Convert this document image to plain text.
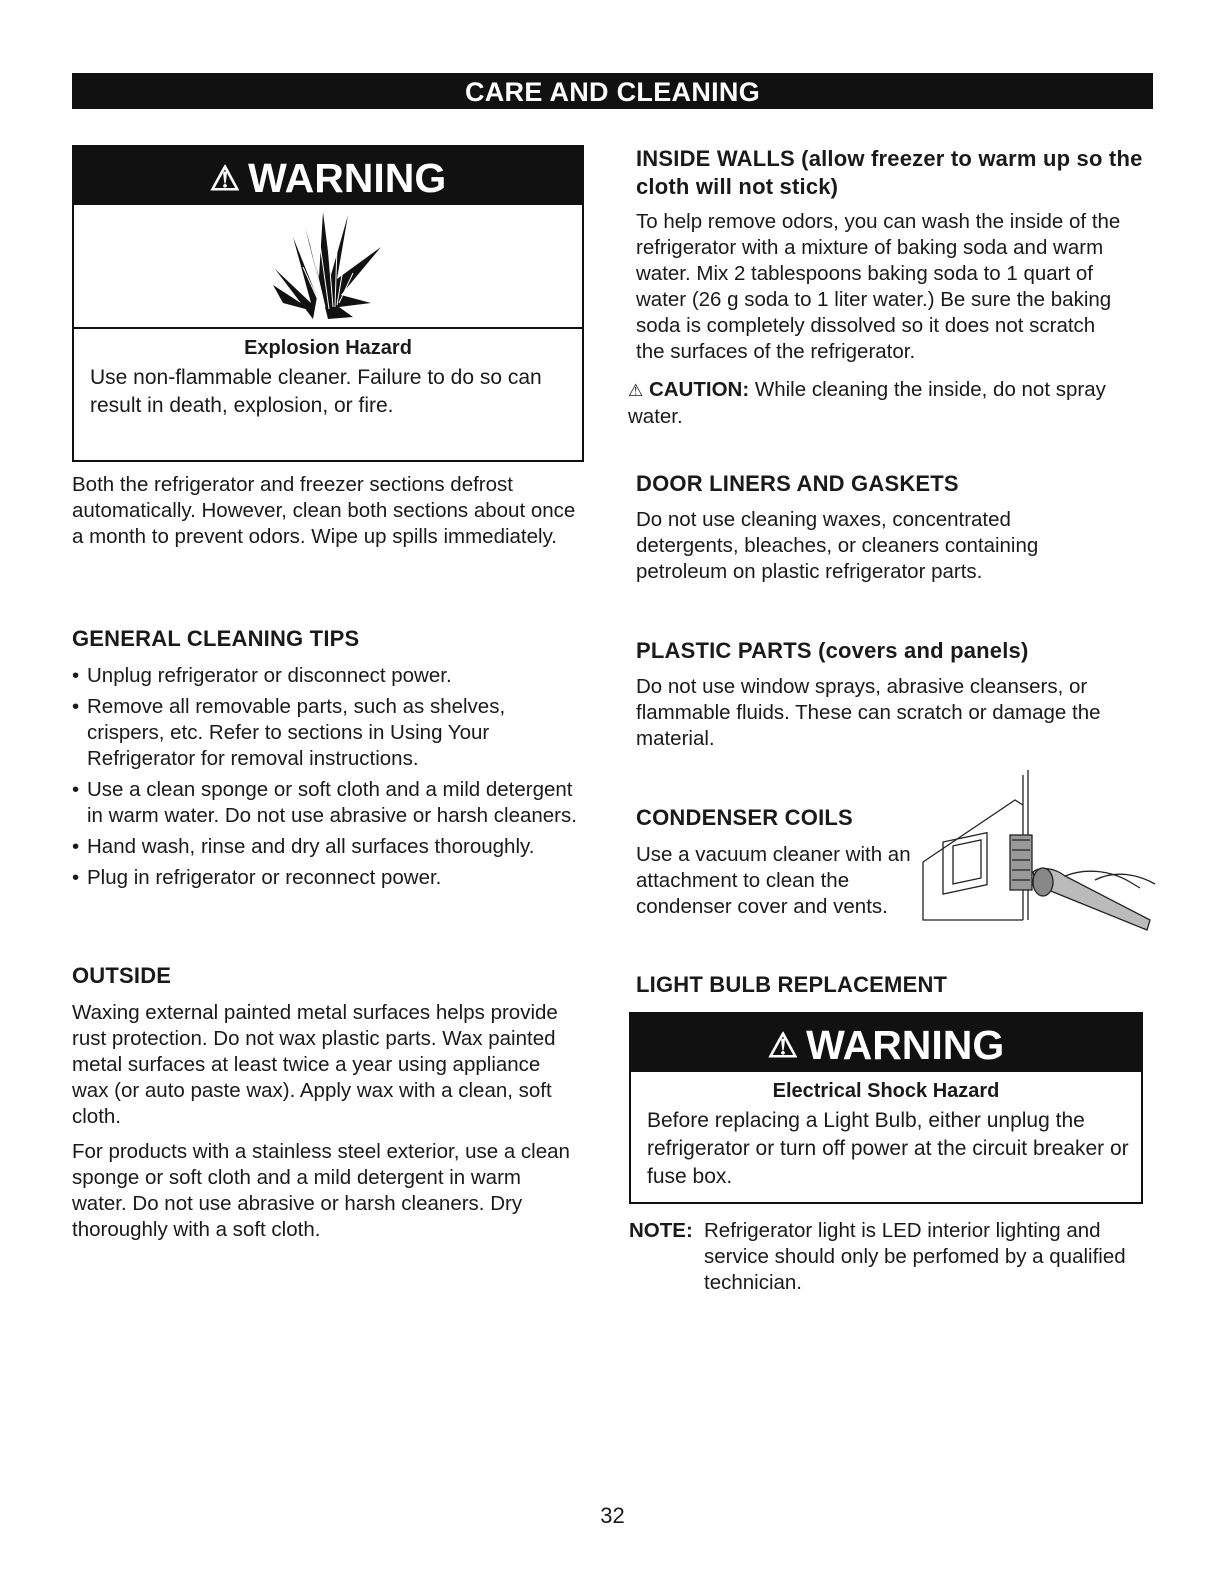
CARE AND CLEANING
⚠ WARNING
Explosion Hazard
Use non-flammable cleaner. Failure to do so can result in death, explosion, or fire.

Both the refrigerator and freezer sections defrost automatically. However, clean both sections about once a month to prevent odors. Wipe up spills immediately.

GENERAL CLEANING TIPS
• Unplug refrigerator or disconnect power.
• Remove all removable parts, such as shelves, crispers, etc. Refer to sections in Using Your Refrigerator for removal instructions.
• Use a clean sponge or soft cloth and a mild detergent in warm water. Do not use abrasive or harsh cleaners.
• Hand wash, rinse and dry all surfaces thoroughly.
• Plug in refrigerator or reconnect power.
OUTSIDE

Waxing external painted metal surfaces helps provide rust protection. Do not wax plastic parts. Wax painted metal surfaces at least twice a year using appliance wax (or auto paste wax). Apply wax with a clean, soft cloth.

For products with a stainless steel exterior, use a clean sponge or soft cloth and a mild detergent in warm water. Do not use abrasive or harsh cleaners. Dry thoroughly with a soft cloth.

INSIDE WALLS (allow freezer to warm up so the cloth will not stick)

To help remove odors, you can wash the inside of the refrigerator with a mixture of baking soda and warm water. Mix 2 tablespoons baking soda to 1 quart of water (26 g soda to 1 liter water.) Be sure the baking soda is completely dissolved so it does not scratch the surfaces of the refrigerator.

⚠ CAUTION: While cleaning the inside, do not spray water.
DOOR LINERS AND GASKETS

Do not use cleaning waxes, concentrated detergents, bleaches, or cleaners containing petroleum on plastic refrigerator parts.

PLASTIC PARTS (covers and panels)

Do not use window sprays, abrasive cleansers, or flammable fluids. These can scratch or damage the material.

CONDENSER COILS

Use a vacuum cleaner with an attachment to clean the condenser cover and vents.

LIGHT BULB REPLACEMENT
⚠ WARNING
Electrical Shock Hazard
Before replacing a Light Bulb, either unplug the refrigerator or turn off power at the circuit breaker or fuse box.
NOTE: Refrigerator light is LED interior lighting and service should only be perfomed by a qualified technician.
32
